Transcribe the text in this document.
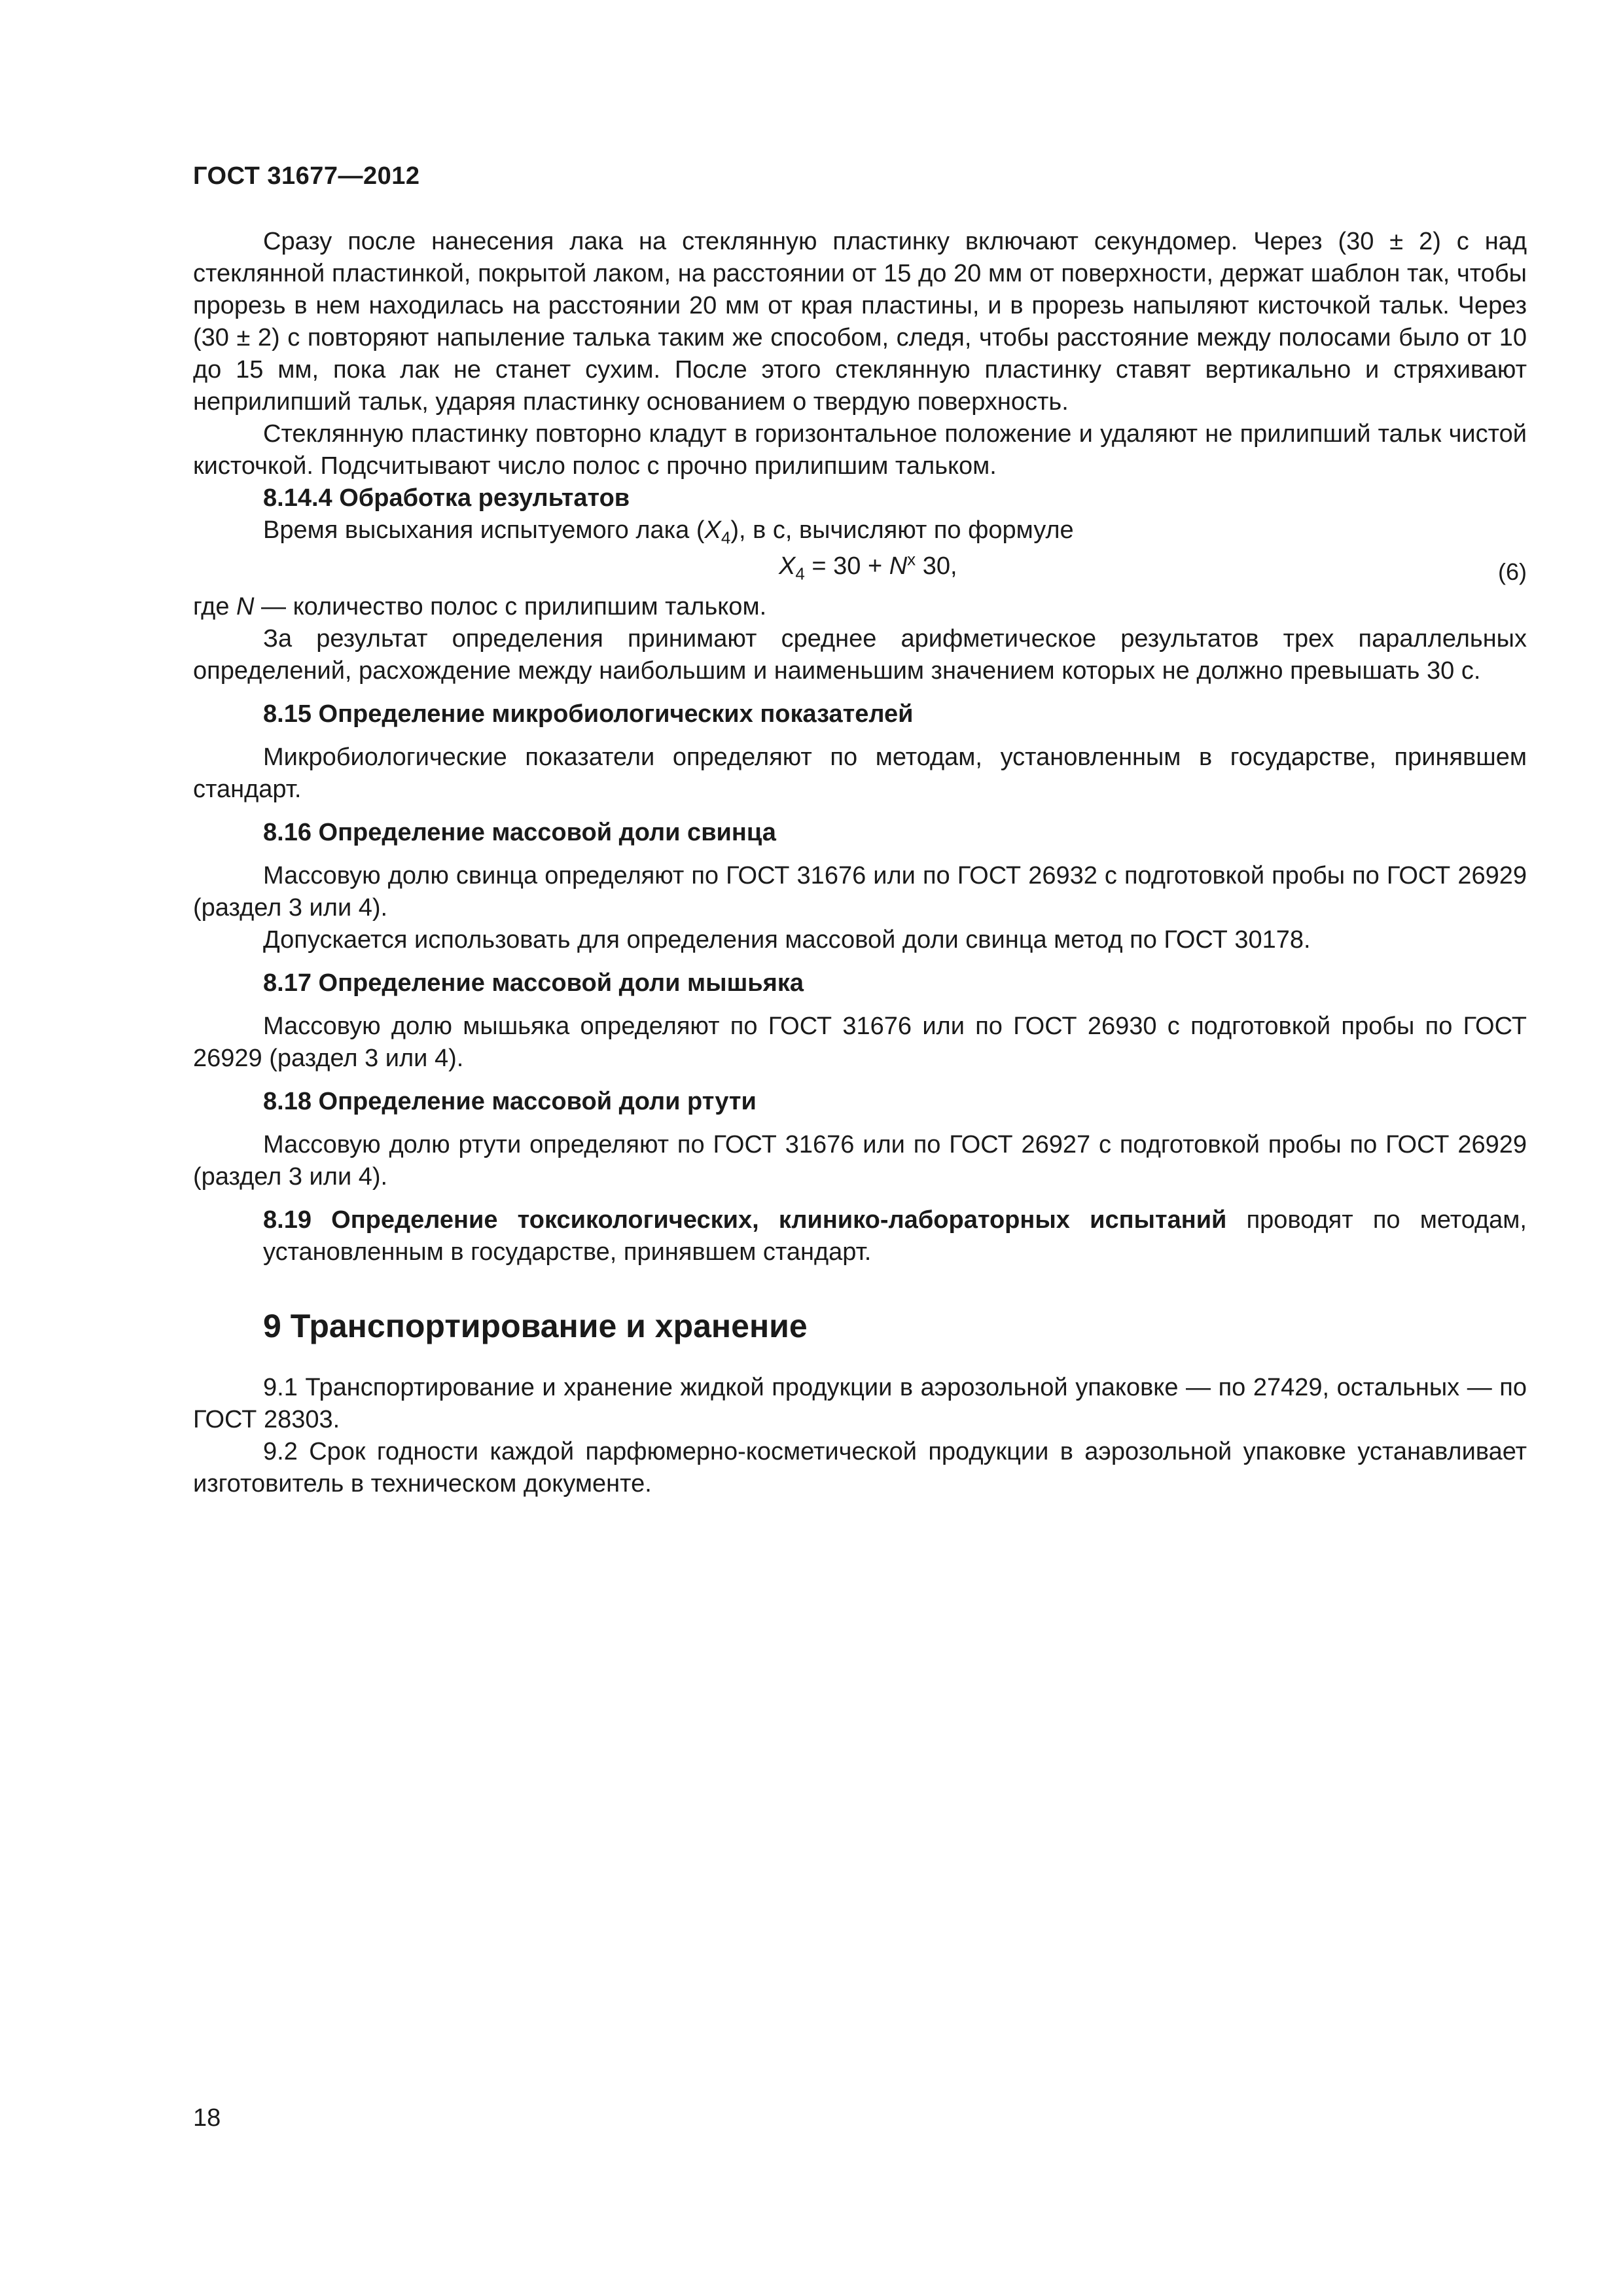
ГОСТ 31677—2012

Сразу после нанесения лака на стеклянную пластинку включают секундомер. Через (30 ± 2) с над стеклянной пластинкой, покрытой лаком, на расстоянии от 15 до 20 мм от поверхности, держат шаблон так, чтобы прорезь в нем находилась на расстоянии 20 мм от края пластины, и в прорезь напыляют кисточкой тальк. Через (30 ± 2) с повторяют напыление талька таким же способом, следя, чтобы расстояние между полосами было от 10 до 15 мм, пока лак не станет сухим. После этого стеклянную пластинку ставят вертикально и стряхивают неприлипший тальк, ударяя пластинку основанием о твердую поверхность.

Стеклянную пластинку повторно кладут в горизонтальное положение и удаляют не прилипший тальк чистой кисточкой. Подсчитывают число полос с прочно прилипшим тальком.

8.14.4 Обработка результатов

Время высыхания испытуемого лака $(X_4)$, в с, вычисляют по формуле

$X_4 = 30 + N^x$ 30,	(6)

где N — количество полос с прилипшим тальком.

За результат определения принимают среднее арифметическое результатов трех параллельных определений, расхождение между наибольшим и наименьшим значением которых не должно превышать 30 с.

8.15 Определение микробиологических показателей

Микробиологические показатели определяют по методам, установленным в государстве, принявшем стандарт.

8.16 Определение массовой доли свинца

Массовую долю свинца определяют по ГОСТ 31676 или по ГОСТ 26932 с подготовкой пробы по ГОСТ 26929 (раздел 3 или 4).

Допускается использовать для определения массовой доли свинца метод по ГОСТ 30178.

8.17 Определение массовой доли мышьяка

Массовую долю мышьяка определяют по ГОСТ 31676 или по ГОСТ 26930 с подготовкой пробы по ГОСТ 26929 (раздел 3 или 4).

8.18 Определение массовой доли ртути

Массовую долю ртути определяют по ГОСТ 31676 или по ГОСТ 26927 с подготовкой пробы по ГОСТ 26929 (раздел 3 или 4).

8.19 Определение токсикологических, клинико-лабораторных испытаний проводят по методам, установленным в государстве, принявшем стандарт.

9 Транспортирование и хранение

9.1 Транспортирование и хранение жидкой продукции в аэрозольной упаковке — по 27429, остальных — по ГОСТ 28303.

9.2 Срок годности каждой парфюмерно-косметической продукции в аэрозольной упаковке устанавливает изготовитель в техническом документе.

18
